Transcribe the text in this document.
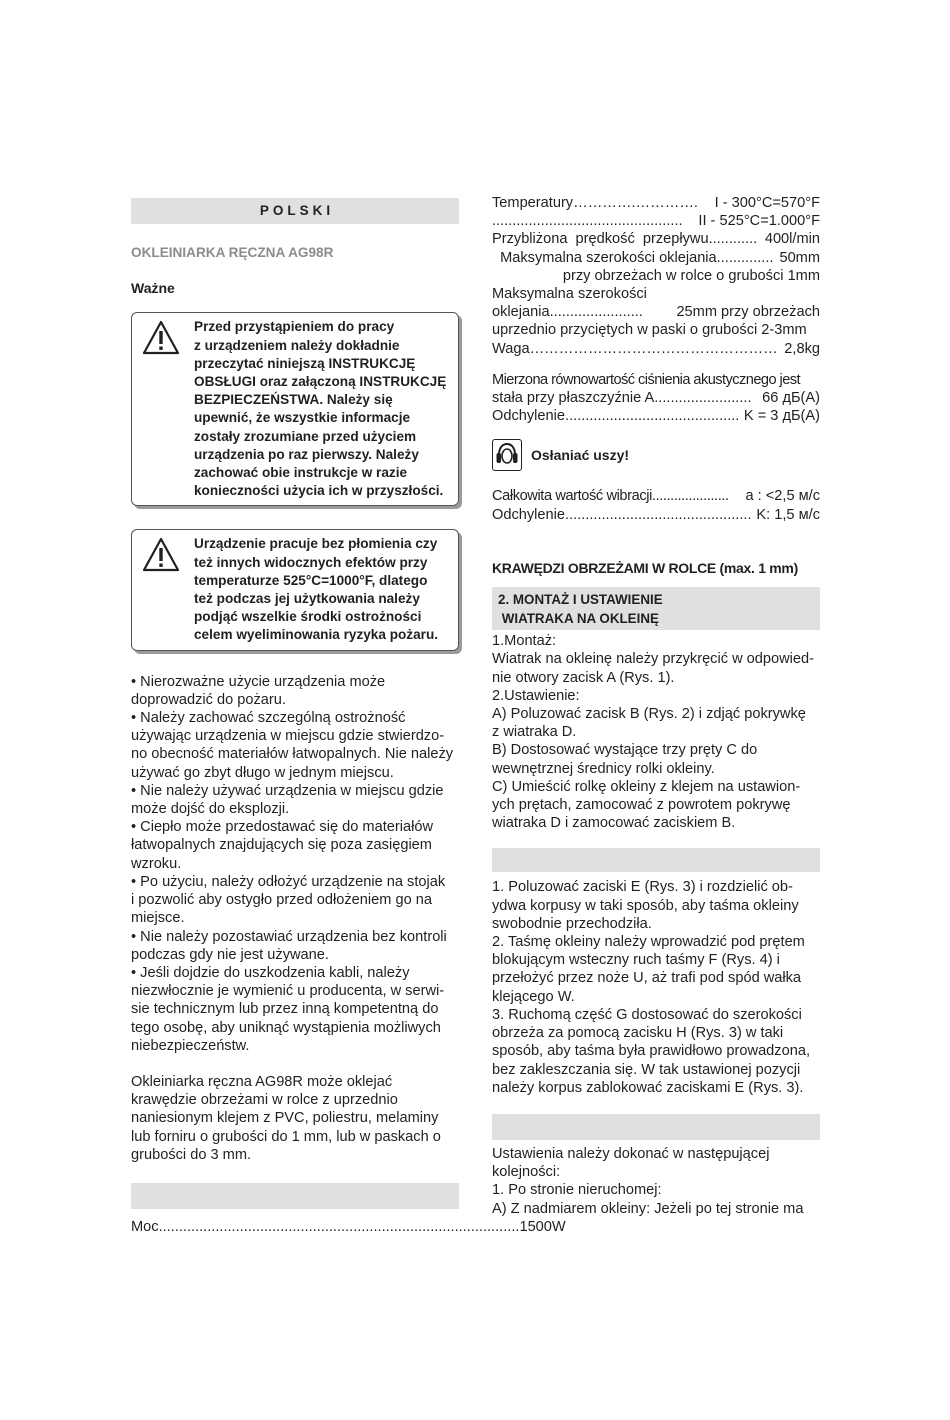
POLSKI
OKLEINIARKA RĘCZNA AG98R
Ważne
Przed przystąpieniem do pracy
z urządzeniem należy dokładnie
przeczytać niniejszą INSTRUKCJĘ
OBSŁUGI oraz załączoną INSTRUKCJĘ
BEZPIECZEŃSTWA. Należy się
upewnić, że wszystkie informacje
zostały zrozumiane przed użyciem
urządzenia po raz pierwszy. Należy
zachować obie instrukcje w razie
konieczności użycia ich w przyszłości.
Urządzenie pracuje bez płomienia czy
też innych widocznych efektów przy
temperaturze 525°C=1000°F, dlatego
też podczas jej użytkowania należy
podjąć wszelkie środki ostrożności
celem wyeliminowania ryzyka pożaru.
• Nierozważne użycie urządzenia może
doprowadzić do pożaru.
• Należy zachować szczególną ostrożność
używając urządzenia w miejscu gdzie stwierdzo-
no obecność materiałów łatwopalnych. Nie należy
używać go zbyt długo w jednym miejscu.
• Nie należy używać urządzenia w miejscu gdzie
może dojść do eksplozji.
• Ciepło może przedostawać się do materiałów
łatwopalnych znajdujących się poza zasięgiem
wzroku.
• Po użyciu, należy odłożyć urządzenie na stojak
i pozwolić aby ostygło przed odłożeniem go na
miejsce.
• Nie należy pozostawiać urządzenia bez kontroli
podczas gdy nie jest używane.
• Jeśli dojdzie do uszkodzenia kabli, należy
niezwłocznie je wymienić u producenta, w serwi-
sie technicznym lub przez inną kompetentną do
tego osobę, aby uniknąć wystąpienia możliwych
niebezpieczeństw.
Okleiniarka ręczna AG98R może oklejać
krawędzie obrzeżami w rolce z uprzednio
naniesionym klejem z PVC, poliestru, melaminy
lub forniru o grubości do 1 mm, lub w paskach o
grubości do 3 mm.
Moc......................................................................................... 1500W
Temperatury………….………….	I - 300°C=570°F
...............................................	II - 525°C=1.000°F
Przybliżona  prędkość  przepływu............ 400l/min
Maksymalna szerokości oklejania.............. 50mm
przy obrzeżach w rolce o grubości 1mm
Maksymalna szerokości
oklejania.......................	25mm przy obrzeżach
uprzednio przyciętych w paski o grubości 2-3mm
Waga…………………………………………… 2,8kg
Mierzona równowartość ciśnienia akustycznego jest
stała przy płaszczyźnie A........................ 66 дБ(A)
Odchylenie........................................... K = 3 дБ(A)
Osłaniać uszy!
Całkowita wartość wibracji.....................	a : <2,5 м/с
Odchylenie.............................................. K: 1,5 м/с
KRAWĘDZI OBRZEŻAMI W ROLCE (max. 1 mm)
2. MONTAŻ I USTAWIENIE
WIATRAKA NA OKLEINĘ
1.Montaż:
Wiatrak na okleinę należy przykręcić w odpowied-
nie otwory zacisk A (Rys. 1).
2.Ustawienie:
A) Poluzować zacisk B (Rys. 2) i zdjąć pokrywkę
z wiatraka D.
B) Dostosować wystające trzy pręty C do
wewnętrznej średnicy rolki okleiny.
C) Umieścić rolkę okleiny z klejem na ustawion-
ych prętach, zamocować z powrotem pokrywę
wiatraka D i zamocować zaciskiem B.
1. Poluzować zaciski E (Rys. 3) i rozdzielić ob-
ydwa korpusy w taki sposób, aby taśma okleiny
swobodnie przechodziła.
2. Taśmę okleiny należy wprowadzić pod prętem
blokującym wsteczny ruch taśmy F (Rys. 4) i
przełożyć przez noże U, aż trafi pod spód wałka
klejącego W.
3. Ruchomą część G dostosować do szerokości
obrzeża za pomocą zacisku H (Rys. 3) w taki
sposób, aby taśma była prawidłowo prowadzona,
bez zakleszczania się. W tak ustawionej pozycji
należy korpus zablokować zaciskami E (Rys. 3).
Ustawienia należy dokonać w następującej
kolejności:
1. Po stronie nieruchomej:
A) Z nadmiarem okleiny: Jeżeli po tej stronie ma
